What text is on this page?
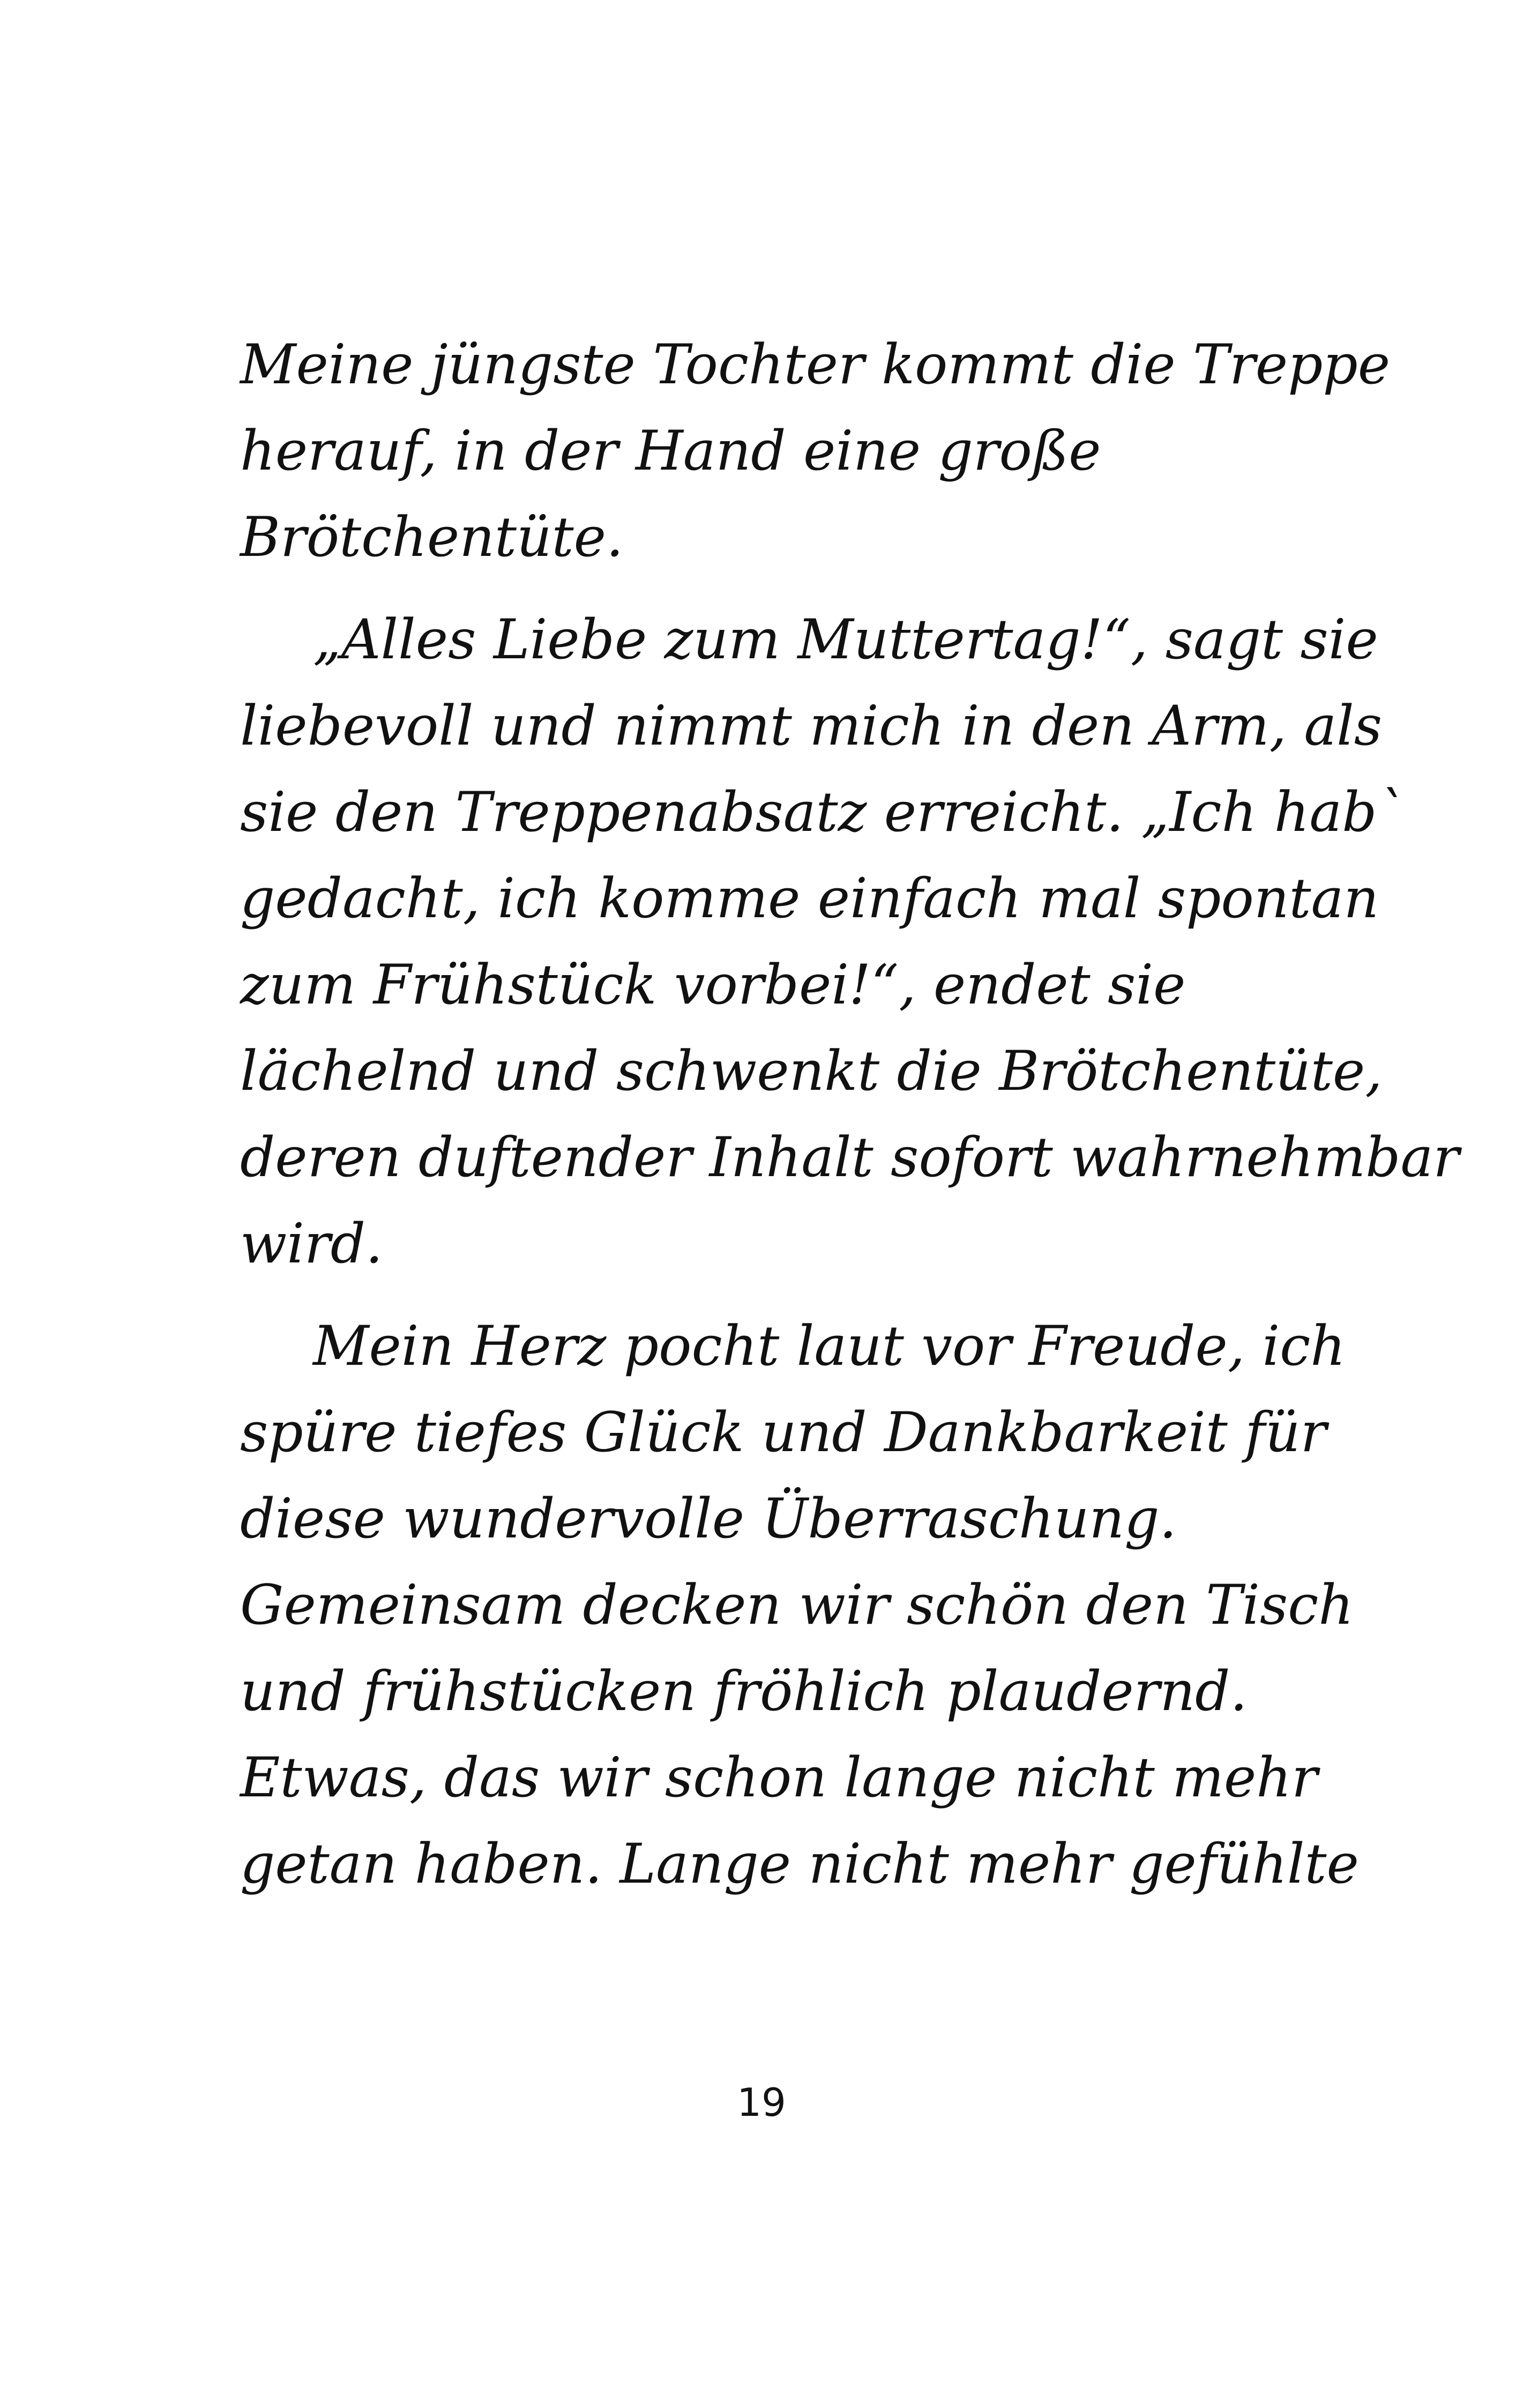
Meine jüngste Tochter kommt die Treppe
herauf, in der Hand eine große
Brötchentüte.
„Alles Liebe zum Muttertag!“, sagt sie
liebevoll und nimmt mich in den Arm, als
sie den Treppenabsatz erreicht. „Ich hab`
gedacht, ich komme einfach mal spontan
zum Frühstück vorbei!“, endet sie
lächelnd und schwenkt die Brötchentüte,
deren duftender Inhalt sofort wahrnehmbar
wird.
Mein Herz pocht laut vor Freude, ich
spüre tiefes Glück und Dankbarkeit für
diese wundervolle Überraschung.
Gemeinsam decken wir schön den Tisch
und frühstücken fröhlich plaudernd.
Etwas, das wir schon lange nicht mehr
getan haben. Lange nicht mehr gefühlte
19
